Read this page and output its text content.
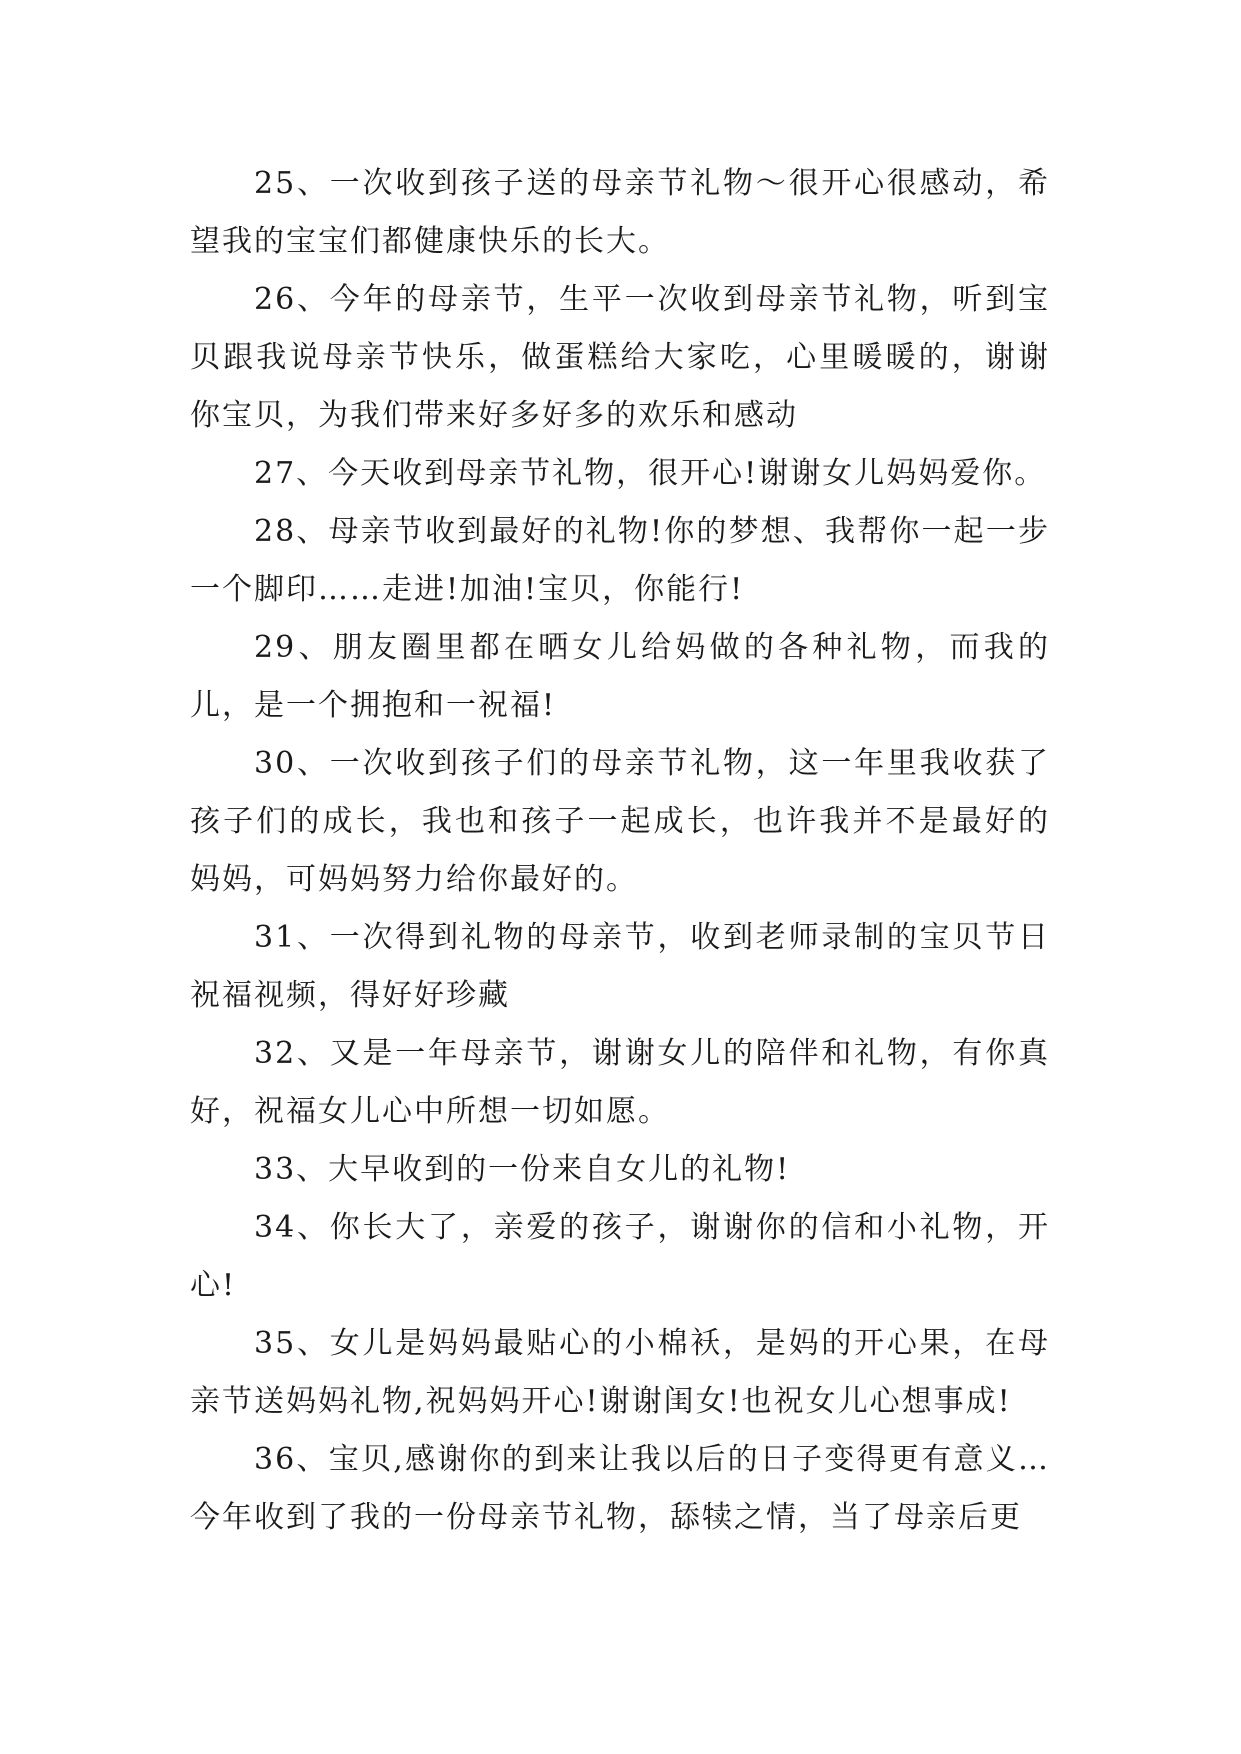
25、一次收到孩子送的母亲节礼物～很开心很感动，希望我的宝宝们都健康快乐的长大。

26、今年的母亲节，生平一次收到母亲节礼物，听到宝贝跟我说母亲节快乐，做蛋糕给大家吃，心里暖暖的，谢谢你宝贝，为我们带来好多好多的欢乐和感动

27、今天收到母亲节礼物，很开心!谢谢女儿妈妈爱你。

28、母亲节收到最好的礼物!你的梦想、我帮你一起一步一个脚印……走进!加油!宝贝，你能行!

29、朋友圈里都在晒女儿给妈做的各种礼物，而我的儿，是一个拥抱和一祝福!

30、一次收到孩子们的母亲节礼物，这一年里我收获了孩子们的成长，我也和孩子一起成长，也许我并不是最好的妈妈，可妈妈努力给你最好的。

31、一次得到礼物的母亲节，收到老师录制的宝贝节日祝福视频，得好好珍藏

32、又是一年母亲节，谢谢女儿的陪伴和礼物，有你真好，祝福女儿心中所想一切如愿。

33、大早收到的一份来自女儿的礼物!

34、你长大了，亲爱的孩子，谢谢你的信和小礼物，开心!

35、女儿是妈妈最贴心的小棉袄，是妈的开心果，在母亲节送妈妈礼物,祝妈妈开心!谢谢闺女!也祝女儿心想事成!

36、宝贝,感谢你的到来让我以后的日子变得更有意义…今年收到了我的一份母亲节礼物，舔犊之情，当了母亲后更
